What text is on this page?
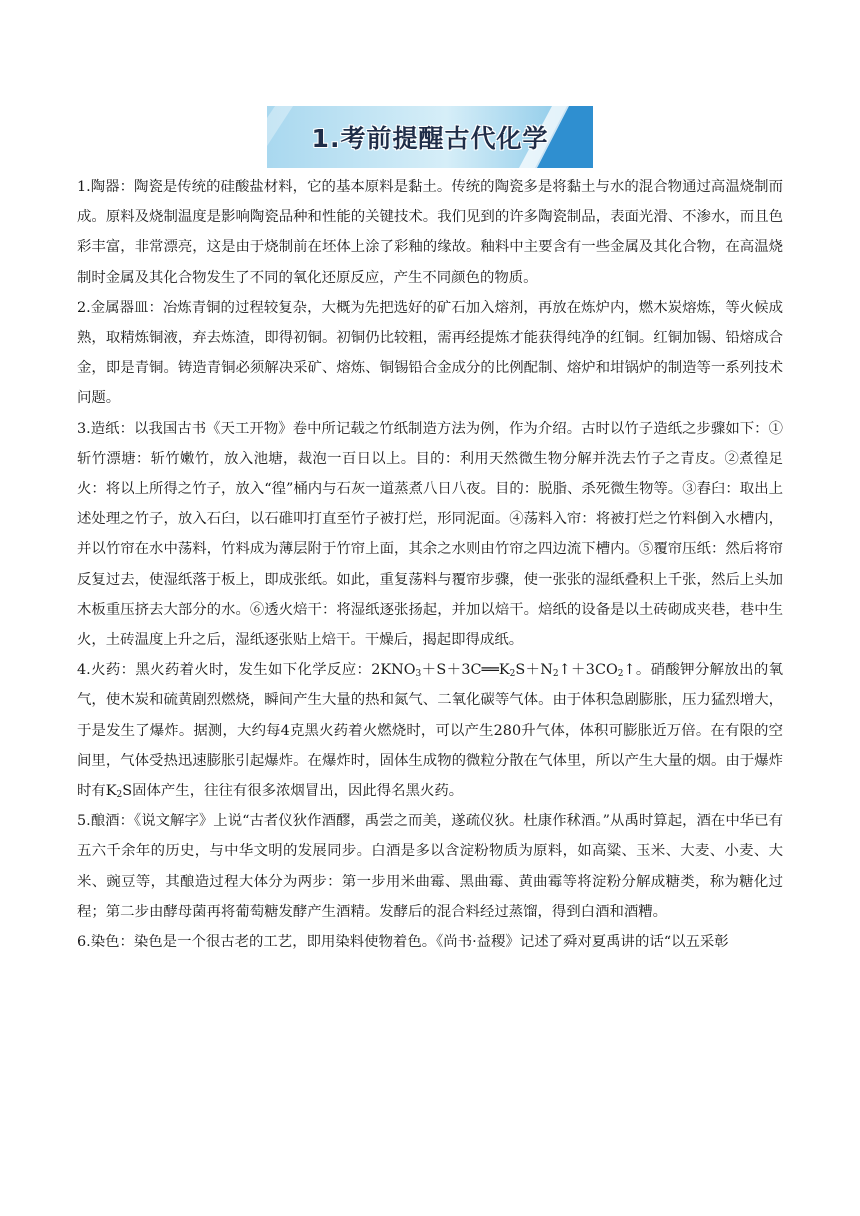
1.考前提醒古代化学

1.陶器：陶瓷是传统的硅酸盐材料，它的基本原料是黏土。传统的陶瓷多是将黏土与水的混合物通过高温烧制而成。原料及烧制温度是影响陶瓷品种和性能的关键技术。我们见到的许多陶瓷制品，表面光滑、不渗水，而且色彩丰富，非常漂亮，这是由于烧制前在坯体上涂了彩釉的缘故。釉料中主要含有一些金属及其化合物，在高温烧制时金属及其化合物发生了不同的氧化还原反应，产生不同颜色的物质。

2.金属器皿：冶炼青铜的过程较复杂，大概为先把选好的矿石加入熔剂，再放在炼炉内，燃木炭熔炼，等火候成熟，取精炼铜液，弃去炼渣，即得初铜。初铜仍比较粗，需再经提炼才能获得纯净的红铜。红铜加锡、铅熔成合金，即是青铜。铸造青铜必须解决采矿、熔炼、铜锡铅合金成分的比例配制、熔炉和坩锅炉的制造等一系列技术问题。

3.造纸：以我国古书《天工开物》卷中所记载之竹纸制造方法为例，作为介绍。古时以竹子造纸之步骤如下：①斩竹漂塘：斩竹嫩竹，放入池塘，裁泡一百日以上。目的：利用天然微生物分解并洗去竹子之青皮。②煮徨足火：将以上所得之竹子，放入“徨”桶内与石灰一道蒸煮八日八夜。目的：脱脂、杀死微生物等。③舂臼：取出上述处理之竹子，放入石臼，以石碓叩打直至竹子被打烂，形同泥面。④荡料入帘：将被打烂之竹料倒入水槽内，并以竹帘在水中荡料，竹料成为薄层附于竹帘上面，其余之水则由竹帘之四边流下槽内。⑤覆帘压纸：然后将帘反复过去，使湿纸落于板上，即成张纸。如此，重复荡料与覆帘步骤，使一张张的湿纸叠积上千张，然后上头加木板重压挤去大部分的水。⑥透火焙干：将湿纸逐张扬起，并加以焙干。焙纸的设备是以土砖砌成夹巷，巷中生火，土砖温度上升之后，湿纸逐张贴上焙干。干燥后，揭起即得成纸。

4.火药：黑火药着火时，发生如下化学反应：$2KNO_3+S+3C══K_2S+N_2↑+3CO_2↑$。硝酸钾分解放出的氧气，使木炭和硫黄剧烈燃烧，瞬间产生大量的热和氮气、二氧化碳等气体。由于体积急剧膨胀，压力猛烈增大，于是发生了爆炸。据测，大约每4克黑火药着火燃烧时，可以产生280升气体，体积可膨胀近万倍。在有限的空间里，气体受热迅速膨胀引起爆炸。在爆炸时，固体生成物的微粒分散在气体里，所以产生大量的烟。由于爆炸时有$K_2S$固体产生，往往有很多浓烟冒出，因此得名黑火药。

5.酿酒：《说文解字》上说“古者仪狄作酒醪，禹尝之而美，遂疏仪狄。杜康作秫酒。”从禹时算起，酒在中华已有五六千余年的历史，与中华文明的发展同步。白酒是多以含淀粉物质为原料，如高粱、玉米、大麦、小麦、大米、豌豆等，其酿造过程大体分为两步：第一步用米曲霉、黑曲霉、黄曲霉等将淀粉分解成糖类，称为糖化过程；第二步由酵母菌再将葡萄糖发酵产生酒精。发酵后的混合料经过蒸馏，得到白酒和酒糟。

6.染色：染色是一个很古老的工艺，即用染料使物着色。《尚书·益稷》记述了舜对夏禹讲的话“以五采彰
